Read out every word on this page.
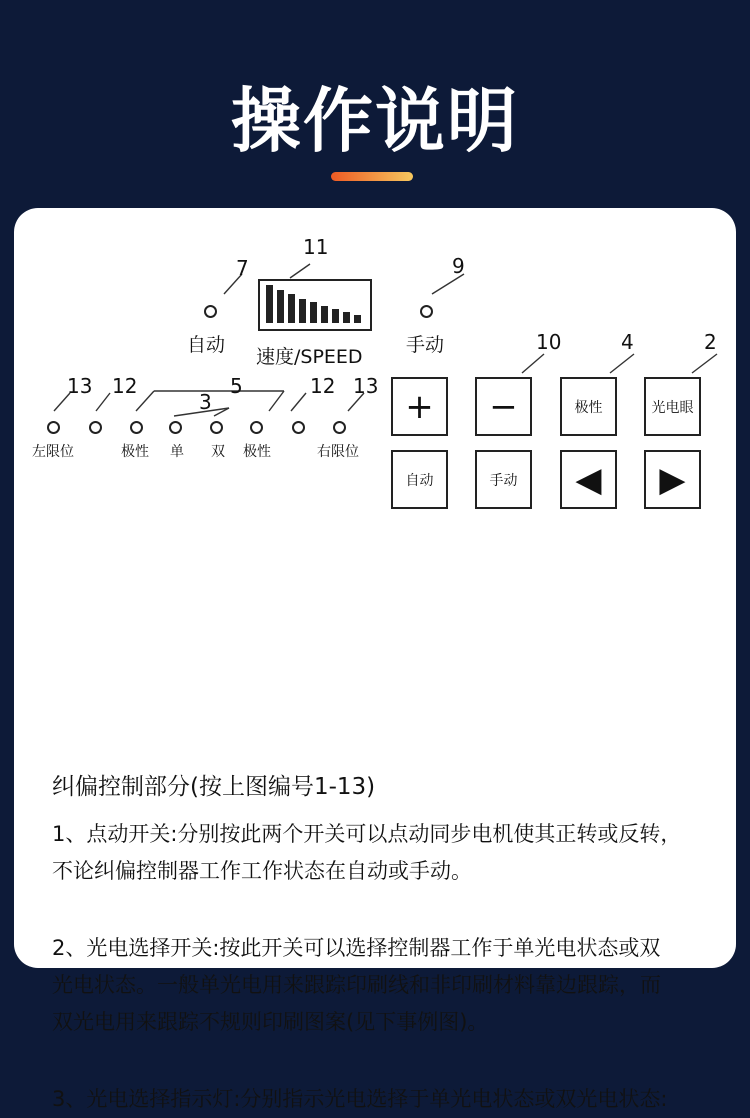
操作说明
7
11
9
10	4	2
13 12	5
3
12 13
自动
速度/SPEED
手动
左限位	极性 单 双 极性	右限位
+ −	极性	光电眼
自动	手动 ◀ ▶
纠偏控制部分(按上图编号1-13)
1、点动开关:分别按此两个开关可以点动同步电机使其正转或反转，
不论纠偏控制器工作工作状态在自动或手动。
2、光电选择开关:按此开关可以选择控制器工作于单光电状态或双
光电状态。一般单光电用来跟踪印刷线和非印刷材料靠边跟踪，而
双光电用来跟踪不规则印刷图案(见下事例图)。
3、光电选择指示灯:分别指示光电选择于单光电状态或双光电状态:
